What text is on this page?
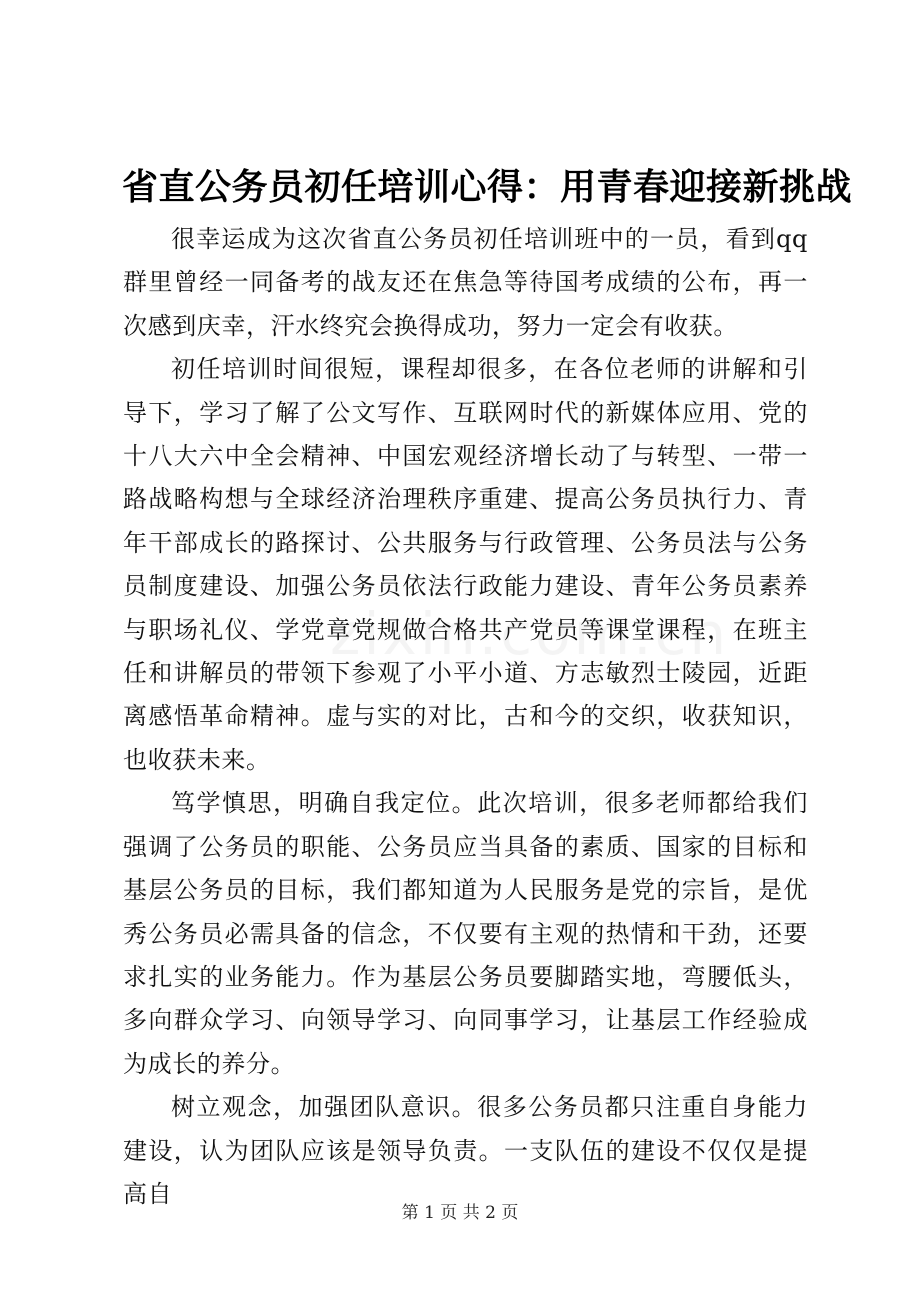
省直公务员初任培训心得：用青春迎接新挑战

很幸运成为这次省直公务员初任培训班中的一员，看到qq群里曾经一同备考的战友还在焦急等待国考成绩的公布，再一次感到庆幸，汗水终究会换得成功，努力一定会有收获。

初任培训时间很短，课程却很多，在各位老师的讲解和引导下，学习了解了公文写作、互联网时代的新媒体应用、党的十八大六中全会精神、中国宏观经济增长动了与转型、一带一路战略构想与全球经济治理秩序重建、提高公务员执行力、青年干部成长的路探讨、公共服务与行政管理、公务员法与公务员制度建设、加强公务员依法行政能力建设、青年公务员素养与职场礼仪、学党章党规做合格共产党员等课堂课程，在班主任和讲解员的带领下参观了小平小道、方志敏烈士陵园，近距离感悟革命精神。虚与实的对比，古和今的交织，收获知识，也收获未来。

笃学慎思，明确自我定位。此次培训，很多老师都给我们强调了公务员的职能、公务员应当具备的素质、国家的目标和基层公务员的目标，我们都知道为人民服务是党的宗旨，是优秀公务员必需具备的信念，不仅要有主观的热情和干劲，还要求扎实的业务能力。作为基层公务员要脚踏实地，弯腰低头，多向群众学习、向领导学习、向同事学习，让基层工作经验成为成长的养分。

树立观念，加强团队意识。很多公务员都只注重自身能力建设，认为团队应该是领导负责。一支队伍的建设不仅仅是提高自

第 1 页 共 2 页
